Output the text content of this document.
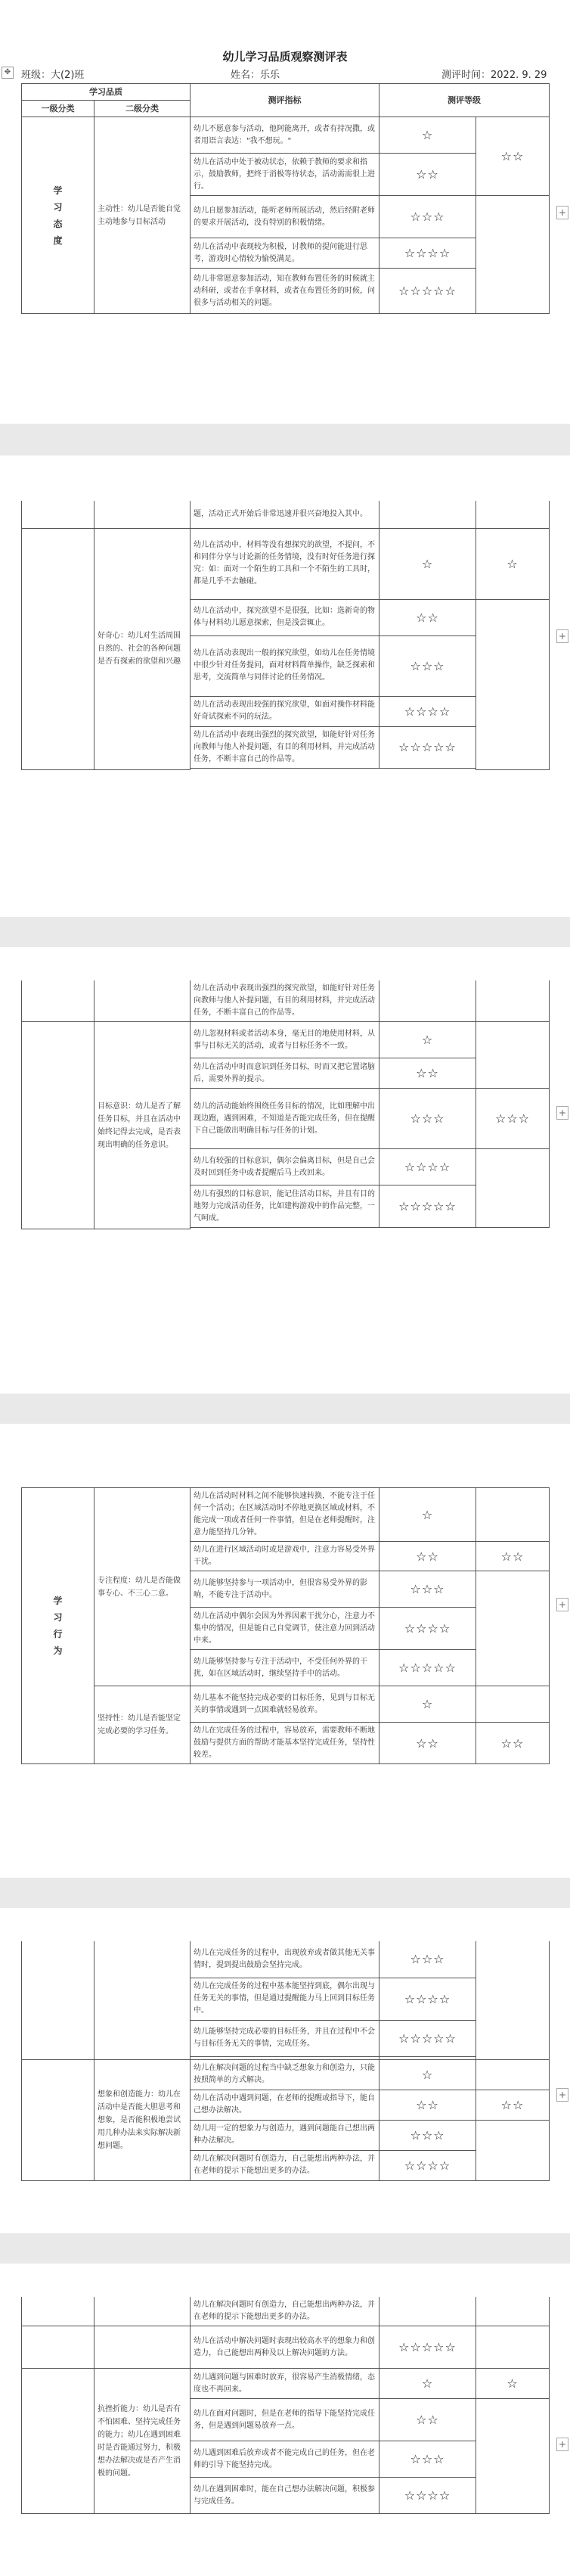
幼儿学习品质观察测评表
✥ 班级：大(2)班	姓名：乐乐	测评时间：2022. 9. 29
+
学习品质		测评指标	测评等级	
一级分类	二级分类			
学
习
态
度	主动性：幼儿是否能自觉主动地参与目标活动	幼儿不愿意参与活动，他阿能离开，或者有持况撒，或者用语言表达："我不想玩。"	☆	☆☆
		幼儿在活动中处于被动状态，依赖于教师的要求和指示，鼓励教师，把终于消极等待状态，活动需需很上进行。	☆☆	
		幼儿自愿参加活动，能听老师所展活动，然后经附老师的要求开展活动，没有特别的积极情绪。	☆☆☆	
		幼儿在活动中表现较为积极，讨教师的提问能进行思考，游戏时心情较为愉悦满足。	☆☆☆☆	
		幼儿非常愿意参加活动，知在教师布置任务的时候就主动科研，或者在手拿材料，或者在布置任务的时候，问很多与活动相关的问题。	☆☆☆☆☆	
+
		题，活动正式开始后非常迅速并很兴奋地投入其中。		
	好奇心：幼儿对生活周围自然的、社会的各种问题是否有探索的欲望和兴趣	幼儿在活动中，材料等没有想探究的欲望，不提问，不和同伴分享与讨论新的任务情境，没有时好任务进行探究：如：面对一个陌生的工具和一个不陌生的工具时，都是几乎不去触碰。	☆	☆
		幼儿在活动中，探究欲望不是很强，比如：选新奇的物体与材料幼儿愿意探索，但是浅尝辄止。	☆☆	
		幼儿在活动表现出一般的探究欲望，如幼儿在任务情境中很少针对任务提问，面对材料简单操作，缺乏探索和思考，交流简单与同伴讨论的任务情况。	☆☆☆	
		幼儿在活动表现出较强的探究欲望，如面对操作材料能好奇试探索不同的玩法。	☆☆☆☆	
		幼儿在活动中表现出强烈的探究欲望，如能好针对任务向教师与他人补提问题，有目的利用材料，并完成活动任务，不断丰富自己的作品等。	☆☆☆☆☆	

+
		幼儿在活动中表现出强烈的探究欲望，如能好针对任务向教师与他人补提问题，有目的利用材料，并完成活动任务，不断丰富自己的作品等。		
	目标意识：幼儿是否了解任务目标，并且在活动中始终记得去完成，是否表现出明确的任务意识。	幼儿忽视材料或者活动本身，毫无目的地使用材料，从事与目标无关的活动，或者与目标任务不一致。	☆	
		幼儿在活动中时而意识到任务目标，时而又把它置诸脑后，需要外界的提示。	☆☆	
		幼儿的活动能始终围绕任务目标的情况，比如理解中出现边跑，遇到困难，不知道是否能完成任务，但在提醒下自己能做出明确目标与任务的计划。	☆☆☆	☆☆☆
		幼儿有较强的目标意识，偶尔会偏离目标，但是自己会及时回到任务中或者提醒后马上改回来。	☆☆☆☆	
		幼儿有强烈的目标意识，能记住活动目标，并且有目的地努力完成活动任务，比如建构游戏中的作品完整，一气呵成。	☆☆☆☆☆	

+
学
习
行
为	专注程度：幼儿是否能做事专心、不三心二意。	幼儿在活动时材料之间不能够快速转换，不能专注于任何一个活动；在区域活动时不停地更换区域或材料，不能完成一项或者任何一件事情，但是在老师提醒时，注意力能坚持几分钟。	☆	
		幼儿在进行区域活动时或是游戏中，注意力容易受外界干扰。	☆☆	☆☆
		幼儿能够坚持参与一项活动中，但很容易受外界的影响，不能专注于活动中。	☆☆☆	
		幼儿在活动中偶尔会因为外界因素干扰分心，注意力不集中的情况，但是能自己自觉调节，使注意力回到活动中来。	☆☆☆☆	
		幼儿能够坚持参与专注于活动中，不受任何外界的干扰，如在区域活动时，继续坚持手中的活动。	☆☆☆☆☆	
	坚持性：幼儿是否能坚定完成必要的学习任务。	幼儿基本不能坚持完成必要的目标任务，见到与目标无关的事情或遇到一点困难就轻易放弃。	☆	
		幼儿在完成任务的过程中，容易放弃，需要教师不断地鼓励与提供方面的帮助才能基本坚持完成任务，坚持性较差。	☆☆	☆☆
+
		幼儿在完成任务的过程中，出现放弃或者做其他无关事情时，提到提出鼓励会坚持完成。	☆☆☆	
		幼儿在完成任务的过程中基本能坚持到底，偶尔出现与任务无关的事情，但是通过提醒能力马上回到目标任务中。	☆☆☆☆	
		幼儿能够坚持完成必要的目标任务，并且在过程中不会与目标任务无关的事情，完成任务。	☆☆☆☆☆	

	想象和创造能力：幼儿在活动中是否能大胆思考和想象，是否能积极地尝试用几种办法来实际解决新想问题。	幼儿在解决问题的过程当中缺乏想象力和创造力，只能按照简单的方式解决。	☆	
		幼儿在活动中遇到问题，在老师的提醒或指导下，能自己想办法解决。	☆☆	☆☆
		幼儿用一定的想象力与创造力，遇到问题能自己想出两种办法解决。	☆☆☆	
		幼儿在解决问题时有创造力，自己能想出两种办法，并在老师的提示下能想出更多的办法。	☆☆☆☆	
+
		幼儿在解决问题时有创造力，自己能想出两种办法，并在老师的提示下能想出更多的办法。		
		幼儿在活动中解决问题时表现出较高水平的想象力和创造力，自己能想出两种及以上解决问题的方法。	☆☆☆☆☆	
	抗挫折能力：幼儿是否有不怕困难、坚持完成任务的能力；幼儿在遇到困难时是否能通过努力，积极想办法解决或是否产生消极的问题。	幼儿遇到问题与困难时放弃，很容易产生消极情绪，态度也不再回来。	☆	☆
		幼儿在面对问题时，但是在老师的指导下能坚持完成任务，但是遇到问题易放弃一点。	☆☆	
		幼儿遇到困难后放弃或者不能完成自己的任务，但在老师的引导下能坚持完成。	☆☆☆	
		幼儿在遇到困难时，能在自己想办法解决问题，积极参与完成任务。	☆☆☆☆	
